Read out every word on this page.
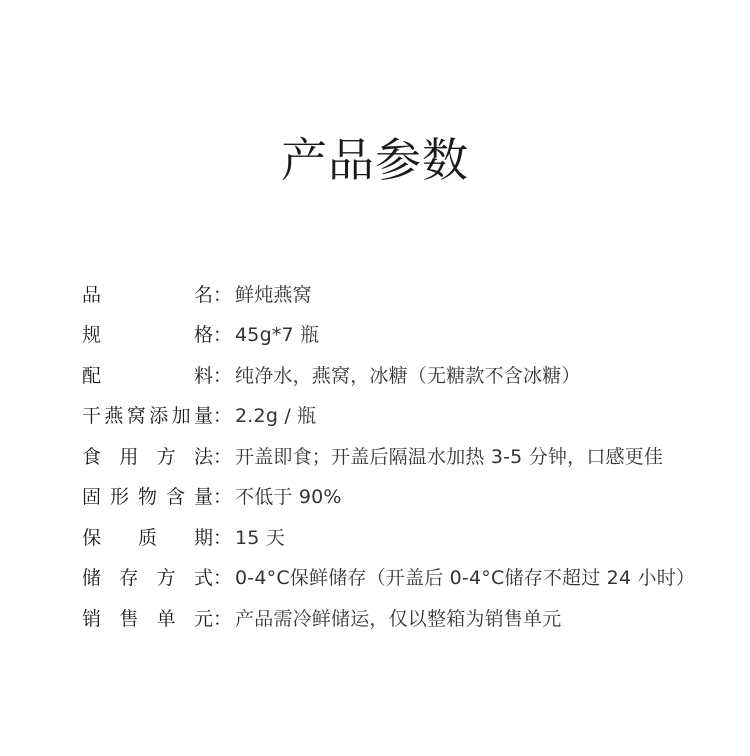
产品参数
品	名 ： 鲜炖燕窝
规	格 ： 45g*7 瓶
配	料 ： 纯净水，燕窝，冰糖（无糖款不含冰糖）
干 燕 窝 添 加 量 ： 2.2g / 瓶
食 用 方 法 ： 开盖即食；开盖后隔温水加热 3-5 分钟，口感更佳
固 形 物 含 量 ： 不低于 90%
保 质 期 ： 15 天
储 存 方 式 ： 0-4°C保鲜储存（开盖后 0-4°C储存不超过 24 小时）
销 售 单 元 ： 产品需冷鲜储运，仅以整箱为销售单元
